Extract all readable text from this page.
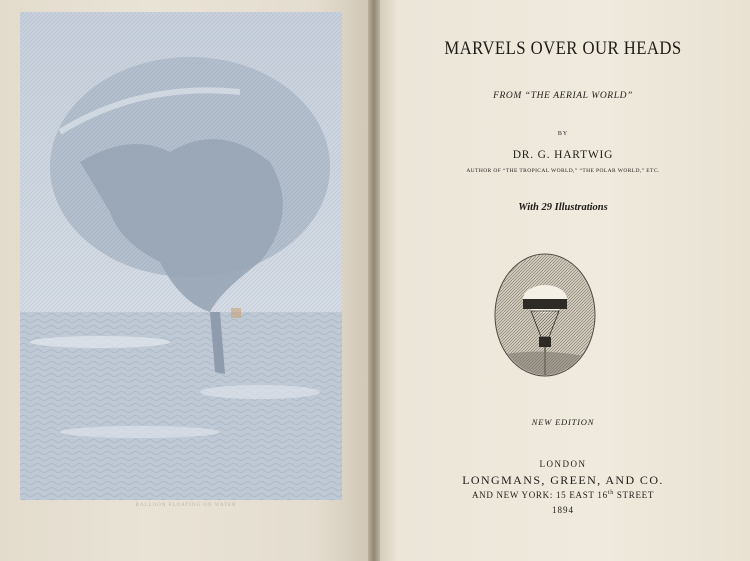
BALLOON FLOATING ON WATER
MARVELS OVER OUR HEADS
FROM “THE AERIAL WORLD”
BY
DR. G. HARTWIG
AUTHOR OF “THE TROPICAL WORLD,” “THE POLAR WORLD,” ETC.
With 29 Illustrations
NEW EDITION
LONDON
LONGMANS, GREEN, AND CO.
AND NEW YORK: 15 EAST 16th STREET
1894
